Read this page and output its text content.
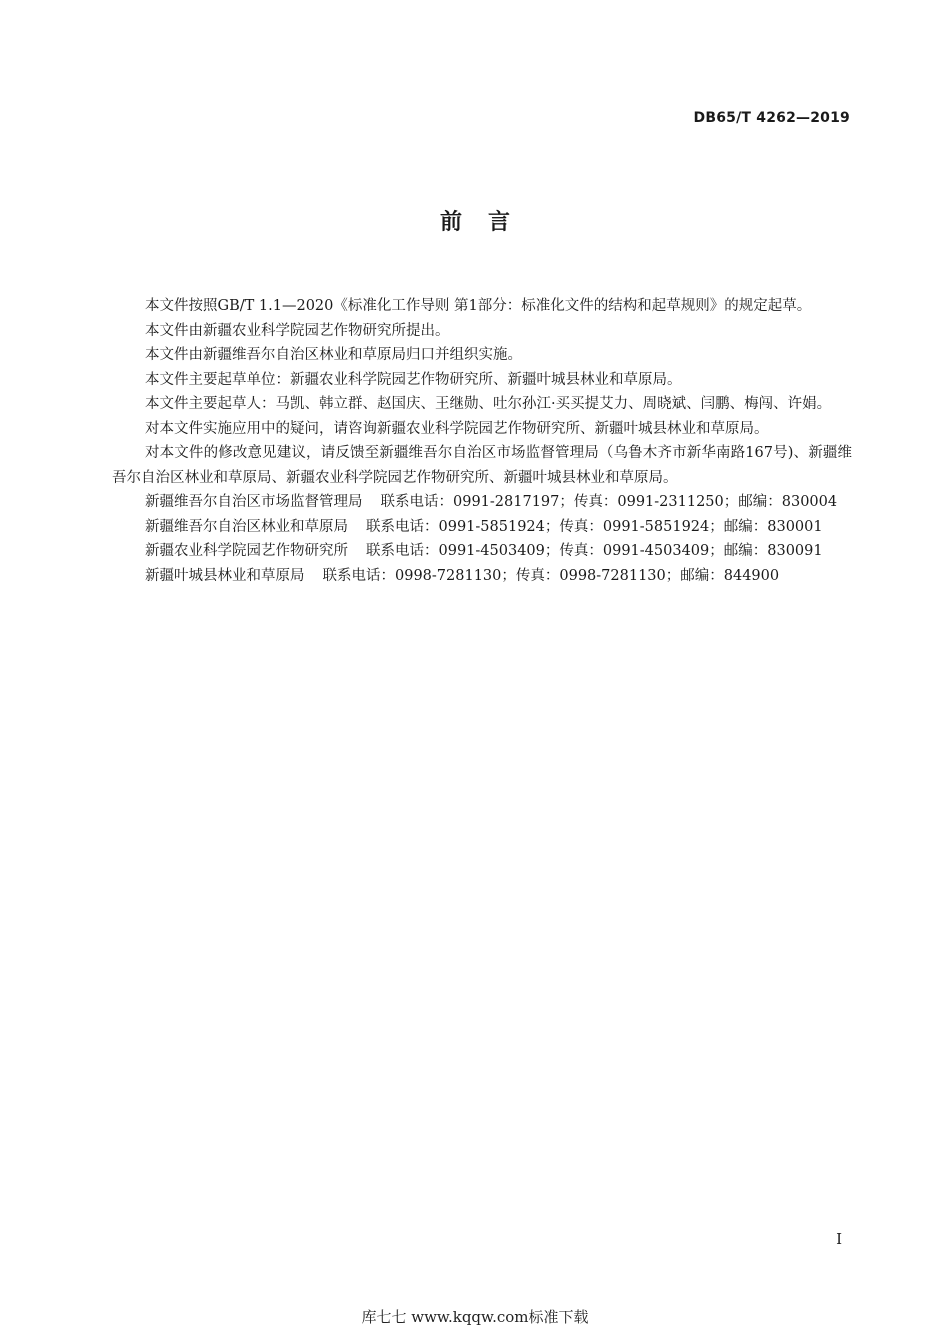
DB65/T 4262—2019
前言

本文件按照GB/T 1.1—2020《标准化工作导则 第1部分：标准化文件的结构和起草规则》的规定起草。

本文件由新疆农业科学院园艺作物研究所提出。

本文件由新疆维吾尔自治区林业和草原局归口并组织实施。

本文件主要起草单位：新疆农业科学院园艺作物研究所、新疆叶城县林业和草原局。

本文件主要起草人：马凯、韩立群、赵国庆、王继勋、吐尔孙江·买买提艾力、周晓斌、闫鹏、梅闯、许娟。

对本文件实施应用中的疑问，请咨询新疆农业科学院园艺作物研究所、新疆叶城县林业和草原局。

对本文件的修改意见建议，请反馈至新疆维吾尔自治区市场监督管理局（乌鲁木齐市新华南路167号)、新疆维吾尔自治区林业和草原局、新疆农业科学院园艺作物研究所、新疆叶城县林业和草原局。

新疆维吾尔自治区市场监督管理局 联系电话：0991-2817197；传真：0991-2311250；邮编：830004
新疆维吾尔自治区林业和草原局 联系电话：0991-5851924；传真：0991-5851924；邮编：830001
新疆农业科学院园艺作物研究所 联系电话：0991-4503409；传真：0991-4503409；邮编：830091
新疆叶城县林业和草原局 联系电话：0998-7281130；传真：0998-7281130；邮编：844900
I
库七七 www.kqqw.com标准下载
